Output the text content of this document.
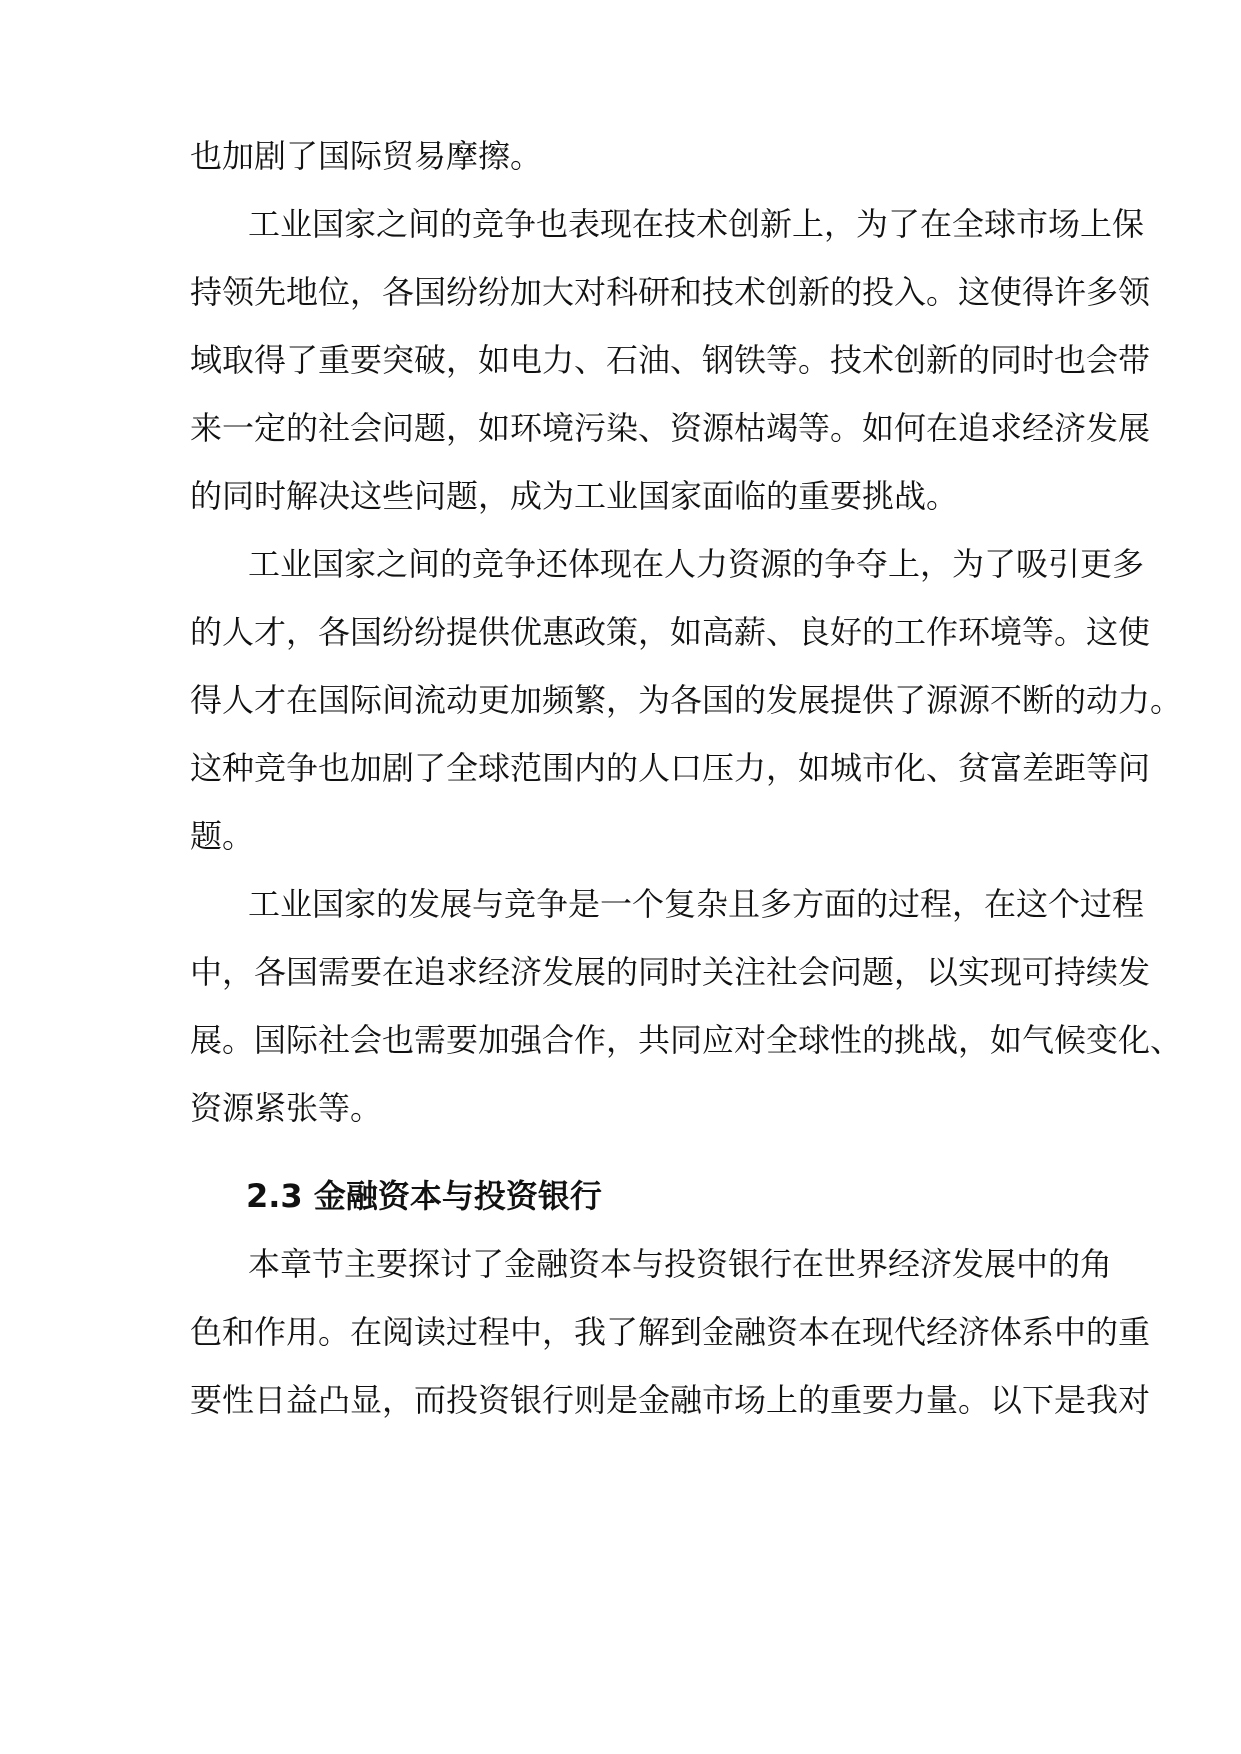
也加剧了国际贸易摩擦。
工业国家之间的竞争也表现在技术创新上，为了在全球市场上保
持领先地位，各国纷纷加大对科研和技术创新的投入。这使得许多领
域取得了重要突破，如电力、石油、钢铁等。技术创新的同时也会带
来一定的社会问题，如环境污染、资源枯竭等。如何在追求经济发展
的同时解决这些问题，成为工业国家面临的重要挑战。
工业国家之间的竞争还体现在人力资源的争夺上，为了吸引更多
的人才，各国纷纷提供优惠政策，如高薪、良好的工作环境等。这使
得人才在国际间流动更加频繁，为各国的发展提供了源源不断的动力。
这种竞争也加剧了全球范围内的人口压力，如城市化、贫富差距等问
题。
工业国家的发展与竞争是一个复杂且多方面的过程，在这个过程
中，各国需要在追求经济发展的同时关注社会问题，以实现可持续发
展。国际社会也需要加强合作，共同应对全球性的挑战，如气候变化、
资源紧张等。
2.3 金融资本与投资银行
本章节主要探讨了金融资本与投资银行在世界经济发展中的角
色和作用。在阅读过程中，我了解到金融资本在现代经济体系中的重
要性日益凸显，而投资银行则是金融市场上的重要力量。以下是我对
